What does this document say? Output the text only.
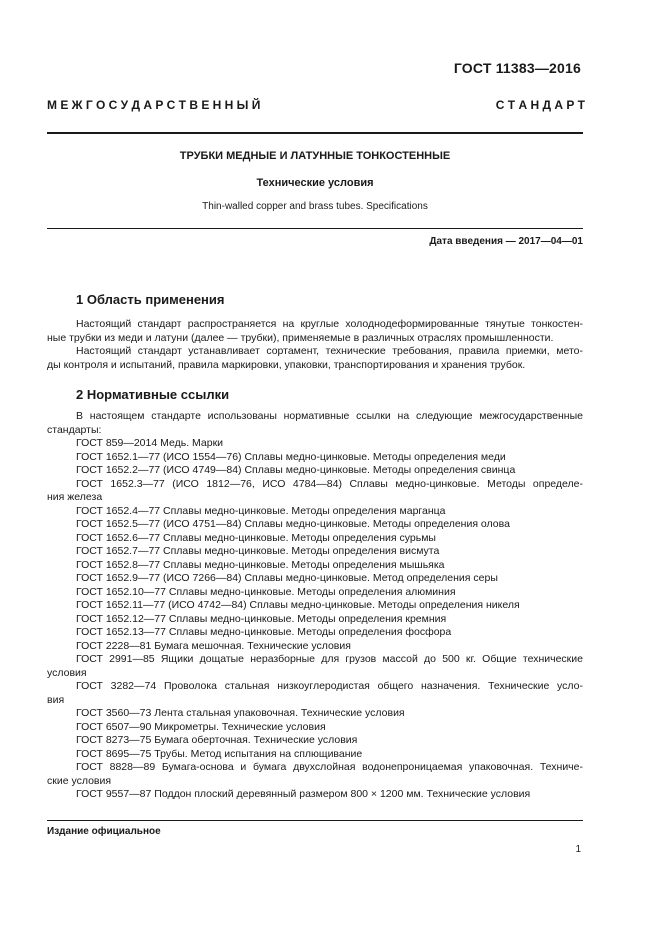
ГОСТ 11383—2016
М Е Ж Г О С У Д А Р С Т В Е Н Н Ы Й	С Т А Н Д А Р Т
ТРУБКИ МЕДНЫЕ И ЛАТУННЫЕ ТОНКОСТЕННЫЕ
Технические условия
Thin-walled copper and brass tubes. Specifications
Дата введения — 2017—04—01
1 Область применения
Настоящий стандарт распространяется на круглые холоднодеформированные тянутые тонкостен-
ные трубки из меди и латуни (далее — трубки), применяемые в различных отраслях промышленности.
Настоящий стандарт устанавливает сортамент, технические требования, правила приемки, мето-
ды контроля и испытаний, правила маркировки, упаковки, транспортирования и хранения трубок.
2 Нормативные ссылки
В настоящем стандарте использованы нормативные ссылки на следующие межгосударственные
стандарты:
ГОСТ 859—2014 Медь. Марки
ГОСТ 1652.1—77 (ИСО 1554—76) Сплавы медно-цинковые. Методы определения меди
ГОСТ 1652.2—77 (ИСО 4749—84) Сплавы медно-цинковые. Методы определения свинца
ГОСТ 1652.3—77 (ИСО 1812—76, ИСО 4784—84) Сплавы медно-цинковые. Методы определе-
ния железа
ГОСТ 1652.4—77 Сплавы медно-цинковые. Методы определения марганца
ГОСТ 1652.5—77 (ИСО 4751—84) Сплавы медно-цинковые. Методы определения олова
ГОСТ 1652.6—77 Сплавы медно-цинковые. Методы определения сурьмы
ГОСТ 1652.7—77 Сплавы медно-цинковые. Методы определения висмута
ГОСТ 1652.8—77 Сплавы медно-цинковые. Методы определения мышьяка
ГОСТ 1652.9—77 (ИСО 7266—84) Сплавы медно-цинковые. Метод определения серы
ГОСТ 1652.10—77 Сплавы медно-цинковые. Методы определения алюминия
ГОСТ 1652.11—77 (ИСО 4742—84) Сплавы медно-цинковые. Методы определения никеля
ГОСТ 1652.12—77 Сплавы медно-цинковые. Методы определения кремния
ГОСТ 1652.13—77 Сплавы медно-цинковые. Методы определения фосфора
ГОСТ 2228—81 Бумага мешочная. Технические условия
ГОСТ 2991—85 Ящики дощатые неразборные для грузов массой до 500 кг. Общие технические
условия
ГОСТ 3282—74 Проволока стальная низкоуглеродистая общего назначения. Технические усло-
вия
ГОСТ 3560—73 Лента стальная упаковочная. Технические условия
ГОСТ 6507—90 Микрометры. Технические условия
ГОСТ 8273—75 Бумага оберточная. Технические условия
ГОСТ 8695—75 Трубы. Метод испытания на сплющивание
ГОСТ 8828—89 Бумага-основа и бумага двухслойная водонепроницаемая упаковочная. Техниче-
ские условия
ГОСТ 9557—87 Поддон плоский деревянный размером 800 × 1200 мм. Технические условия
Издание официальное
1
